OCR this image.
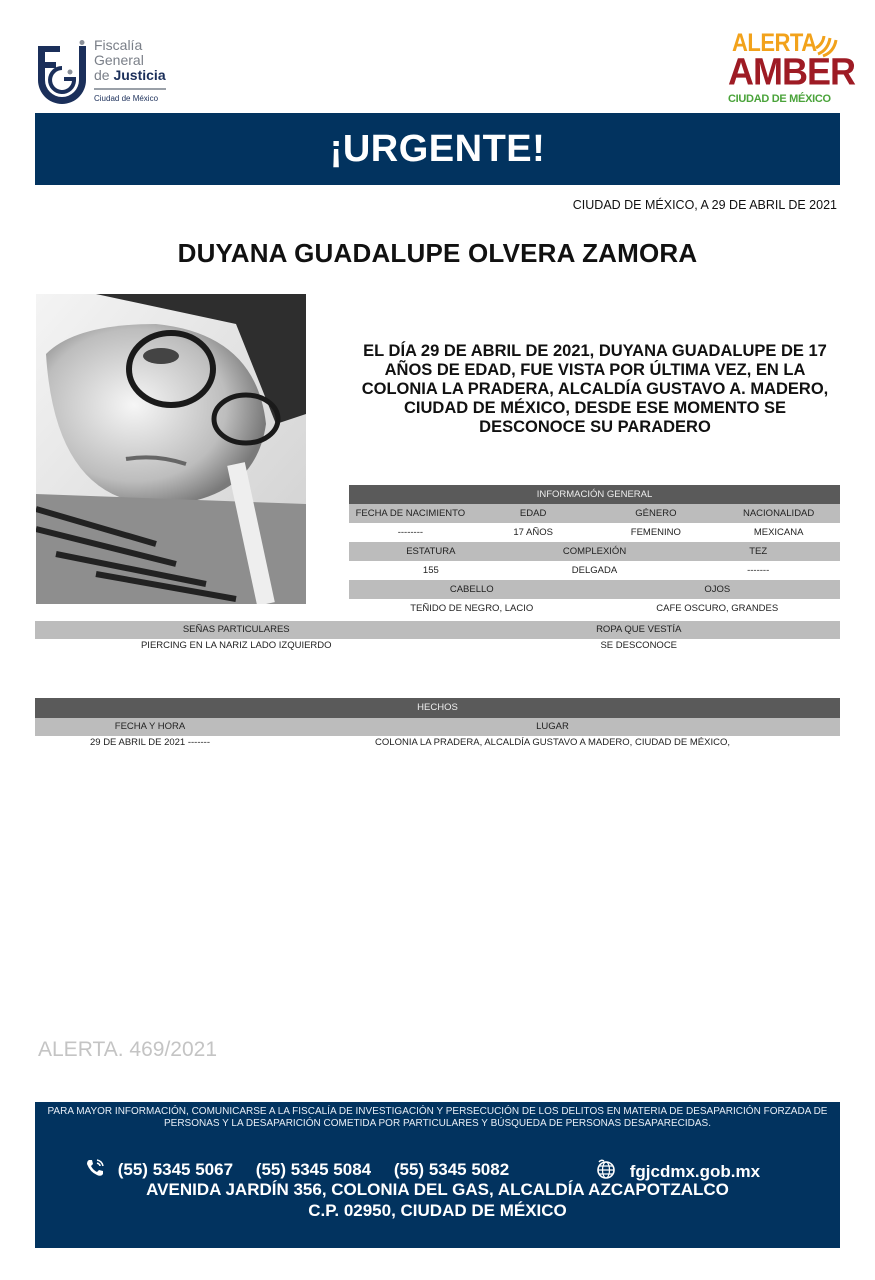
Fiscalía
General
de Justicia
Ciudad de México
ALERTA
AMBER
CIUDAD DE MÉXICO
¡URGENTE!
CIUDAD DE MÉXICO, A 29 DE ABRIL DE 2021
DUYANA GUADALUPE OLVERA ZAMORA
EL DÍA 29 DE ABRIL DE 2021, DUYANA GUADALUPE DE 17 AÑOS DE EDAD, FUE VISTA POR ÚLTIMA VEZ, EN LA COLONIA LA PRADERA, ALCALDÍA GUSTAVO A. MADERO, CIUDAD DE MÉXICO, DESDE ESE MOMENTO SE DESCONOCE SU PARADERO
INFORMACIÓN GENERAL
FECHA DE NACIMIENTO	EDAD	GÉNERO	NACIONALIDAD
--------	17 AÑOS	FEMENINO	MEXICANA
ESTATURA	COMPLEXIÓN	TEZ
155	DELGADA	-------
CABELLO	OJOS
TEÑIDO DE NEGRO, LACIO	CAFE OSCURO, GRANDES
SEÑAS PARTICULARES	ROPA QUE VESTÍA
PIERCING EN LA NARIZ LADO IZQUIERDO	SE DESCONOCE
HECHOS
FECHA Y HORA	LUGAR
29 DE ABRIL DE 2021 -------	COLONIA LA PRADERA, ALCALDÍA GUSTAVO A MADERO, CIUDAD DE MÉXICO,
ALERTA. 469/2021
PARA MAYOR INFORMACIÓN, COMUNICARSE A LA FISCALÍA DE INVESTIGACIÓN Y PERSECUCIÓN DE LOS DELITOS EN MATERIA DE DESAPARICIÓN FORZADA DE PERSONAS Y LA DESAPARICIÓN COMETIDA POR PARTICULARES Y BÚSQUEDA DE PERSONAS DESAPARECIDAS.
(55) 5345 5067 (55) 5345 5084 (55) 5345 5082	fgjcdmx.gob.mx
AVENIDA JARDÍN 356, COLONIA DEL GAS, ALCALDÍA AZCAPOTZALCO
C.P. 02950, CIUDAD DE MÉXICO
